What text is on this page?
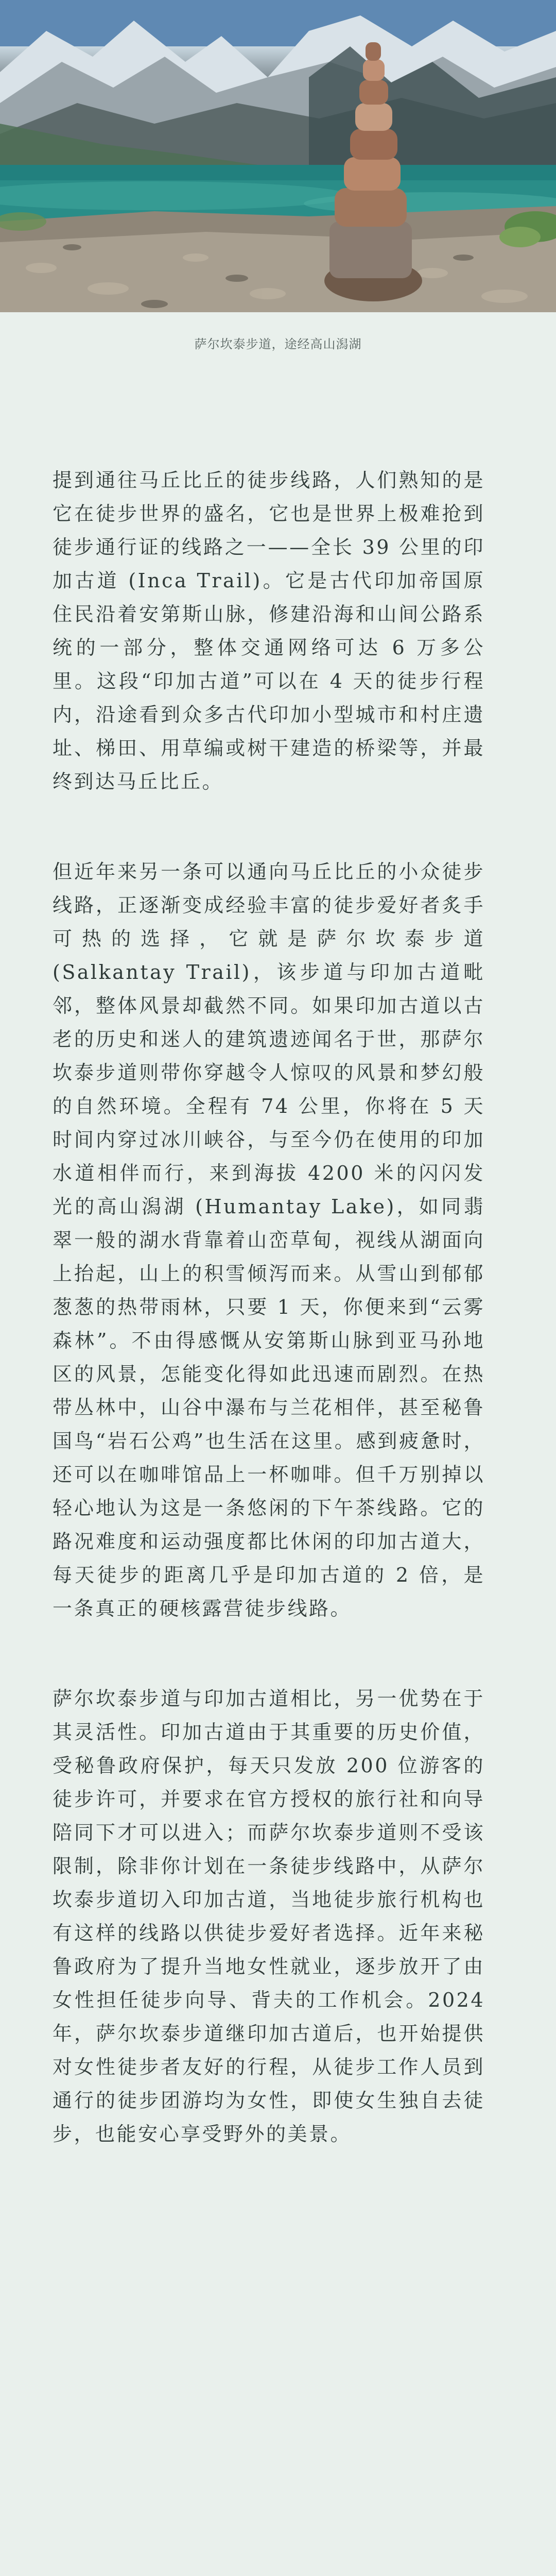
萨尔坎泰步道，途经高山潟湖

提到通往马丘比丘的徒步线路，人们熟知的是它在徒步世界的盛名，它也是世界上极难抢到徒步通行证的线路之一——全长 39 公里的印加古道 (Inca Trail)。它是古代印加帝国原住民沿着安第斯山脉，修建沿海和山间公路系统的一部分，整体交通网络可达 6 万多公里。这段“印加古道”可以在 4 天的徒步行程内，沿途看到众多古代印加小型城市和村庄遗址、梯田、用草编或树干建造的桥梁等，并最终到达马丘比丘。

但近年来另一条可以通向马丘比丘的小众徒步线路，正逐渐变成经验丰富的徒步爱好者炙手可热的选择，它就是萨尔坎泰步道 (Salkantay Trail)，该步道与印加古道毗邻，整体风景却截然不同。如果印加古道以古老的历史和迷人的建筑遗迹闻名于世，那萨尔坎泰步道则带你穿越令人惊叹的风景和梦幻般的自然环境。全程有 74 公里，你将在 5 天时间内穿过冰川峡谷，与至今仍在使用的印加水道相伴而行，来到海拔 4200 米的闪闪发光的高山潟湖 (Humantay Lake)，如同翡翠一般的湖水背靠着山峦草甸，视线从湖面向上抬起，山上的积雪倾泻而来。从雪山到郁郁葱葱的热带雨林，只要 1 天，你便来到“云雾森林”。不由得感慨从安第斯山脉到亚马孙地区的风景，怎能变化得如此迅速而剧烈。在热带丛林中，山谷中瀑布与兰花相伴，甚至秘鲁国鸟“岩石公鸡”也生活在这里。感到疲惫时，还可以在咖啡馆品上一杯咖啡。但千万别掉以轻心地认为这是一条悠闲的下午茶线路。它的路况难度和运动强度都比休闲的印加古道大，每天徒步的距离几乎是印加古道的 2 倍，是一条真正的硬核露营徒步线路。

萨尔坎泰步道与印加古道相比，另一优势在于其灵活性。印加古道由于其重要的历史价值，受秘鲁政府保护，每天只发放 200 位游客的徒步许可，并要求在官方授权的旅行社和向导陪同下才可以进入；而萨尔坎泰步道则不受该限制，除非你计划在一条徒步线路中，从萨尔坎泰步道切入印加古道，当地徒步旅行机构也有这样的线路以供徒步爱好者选择。近年来秘鲁政府为了提升当地女性就业，逐步放开了由女性担任徒步向导、背夫的工作机会。2024 年，萨尔坎泰步道继印加古道后，也开始提供对女性徒步者友好的行程，从徒步工作人员到通行的徒步团游均为女性，即使女生独自去徒步，也能安心享受野外的美景。
